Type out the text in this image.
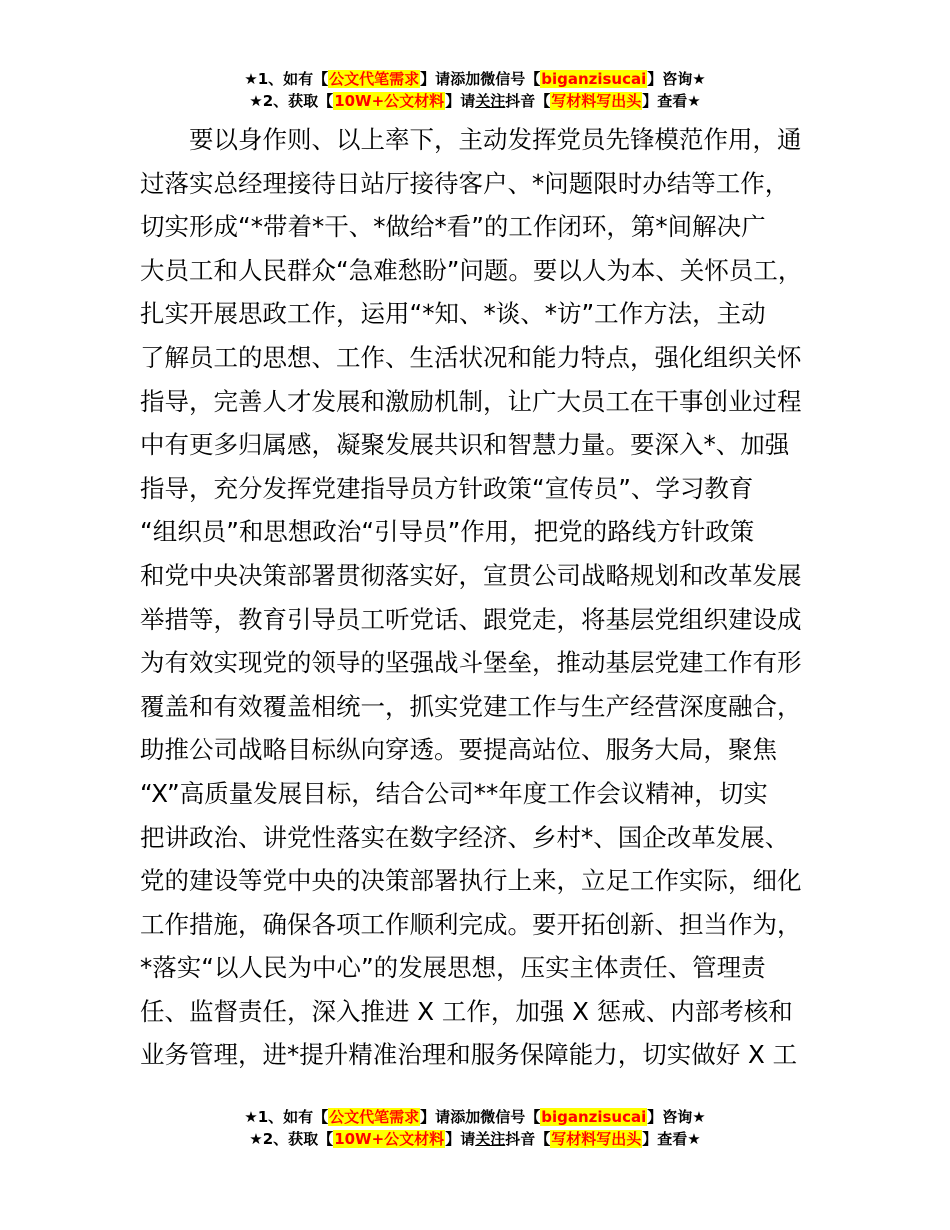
★1、如有【公文代笔需求】请添加微信号【biganzisucai】咨询★
★2、获取【10W+公文材料】请关注抖音【写材料写出头】查看★
　　要以身作则、以上率下，主动发挥党员先锋模范作用，通
过落实总经理接待日站厅接待客户、*问题限时办结等工作，
切实形成“*带着*干、*做给*看”的工作闭环，第*间解决广
大员工和人民群众“急难愁盼”问题。要以人为本、关怀员工，
扎实开展思政工作，运用“*知、*谈、*访”工作方法，主动
了解员工的思想、工作、生活状况和能力特点，强化组织关怀
指导，完善人才发展和激励机制，让广大员工在干事创业过程
中有更多归属感，凝聚发展共识和智慧力量。要深入*、加强
指导，充分发挥党建指导员方针政策“宣传员”、学习教育
“组织员”和思想政治“引导员”作用，把党的路线方针政策
和党中央决策部署贯彻落实好，宣贯公司战略规划和改革发展
举措等，教育引导员工听党话、跟党走，将基层党组织建设成
为有效实现党的领导的坚强战斗堡垒，推动基层党建工作有形
覆盖和有效覆盖相统一，抓实党建工作与生产经营深度融合，
助推公司战略目标纵向穿透。要提高站位、服务大局，聚焦
“X”高质量发展目标，结合公司**年度工作会议精神，切实
把讲政治、讲党性落实在数字经济、乡村*、国企改革发展、
党的建设等党中央的决策部署执行上来，立足工作实际，细化
工作措施，确保各项工作顺利完成。要开拓创新、担当作为，
*落实“以人民为中心”的发展思想，压实主体责任、管理责
任、监督责任，深入推进 X 工作，加强 X 惩戒、内部考核和
业务管理，进*提升精准治理和服务保障能力，切实做好 X 工
★1、如有【公文代笔需求】请添加微信号【biganzisucai】咨询★
★2、获取【10W+公文材料】请关注抖音【写材料写出头】查看★
